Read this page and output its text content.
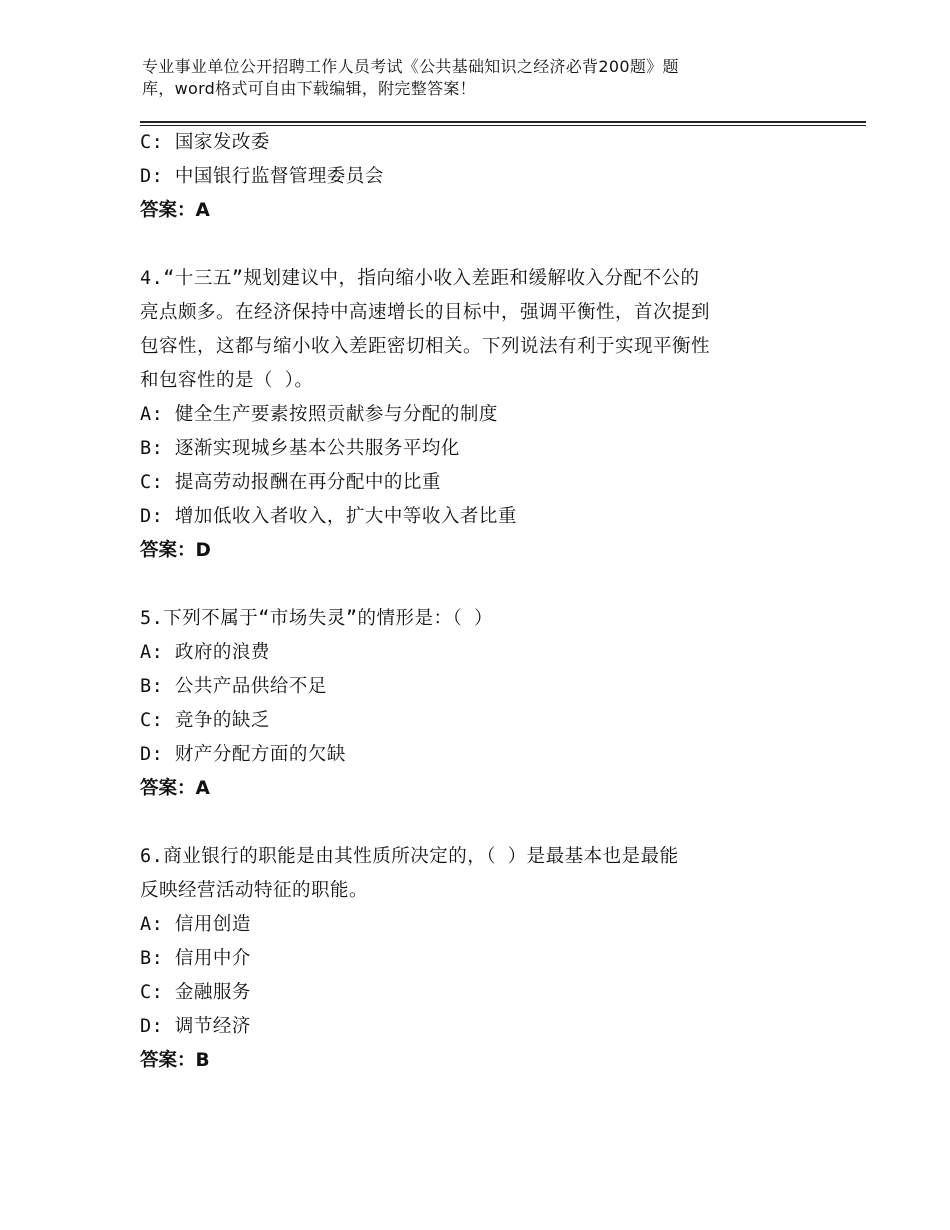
专业事业单位公开招聘工作人员考试《公共基础知识之经济必背200题》题
库，word格式可自由下载编辑，附完整答案！
C: 国家发改委
D: 中国银行监督管理委员会
答案：A
4.“十三五”规划建议中，指向缩小收入差距和缓解收入分配不公的
亮点颇多。在经济保持中高速增长的目标中，强调平衡性，首次提到
包容性，这都与缩小收入差距密切相关。下列说法有利于实现平衡性
和包容性的是（ ）。
A: 健全生产要素按照贡献参与分配的制度
B: 逐渐实现城乡基本公共服务平均化
C: 提高劳动报酬在再分配中的比重
D: 增加低收入者收入，扩大中等收入者比重
答案：D
5.下列不属于“市场失灵”的情形是：（ ）
A: 政府的浪费
B: 公共产品供给不足
C: 竞争的缺乏
D: 财产分配方面的欠缺
答案：A
6.商业银行的职能是由其性质所决定的，（ ）是最基本也是最能
反映经营活动特征的职能。
A: 信用创造
B: 信用中介
C: 金融服务
D: 调节经济
答案：B
